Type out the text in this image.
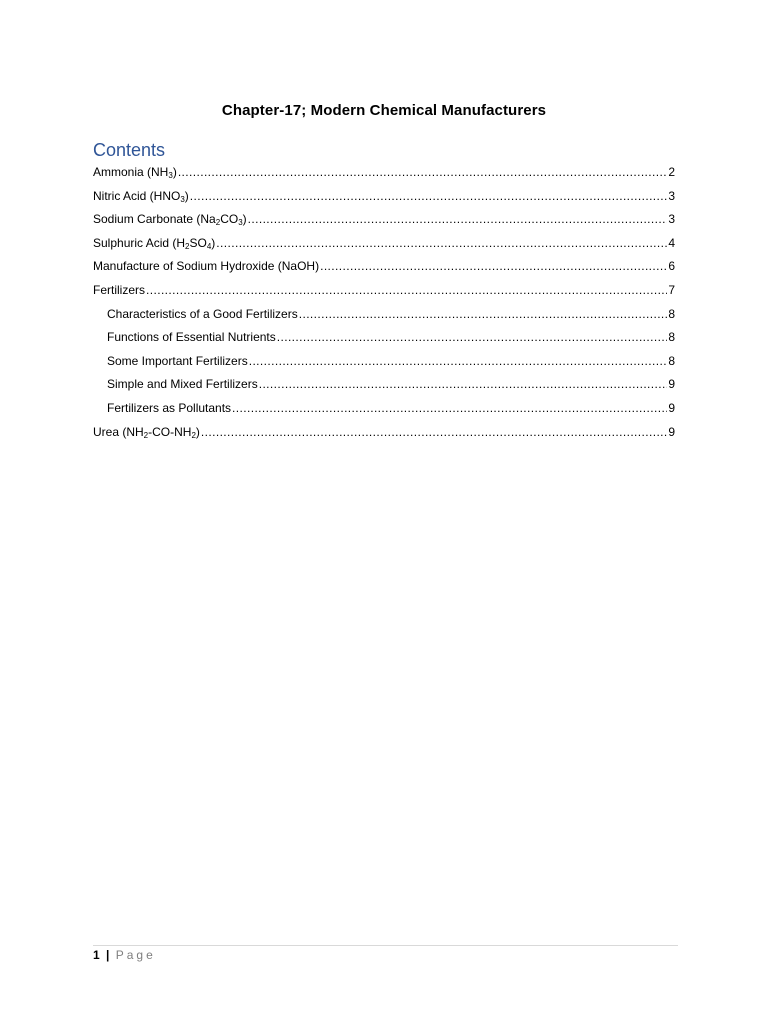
Chapter-17; Modern Chemical Manufacturers
Contents
Ammonia $(NH_3)$ .....	2
Nitric Acid $(HNO_3)$ .....	3
Sodium Carbonate $(Na_2CO_3)$ .....	3
Sulphuric Acid $(H_2SO_4)$ .....	4
Manufacture of Sodium Hydroxide (NaOH) .....	6
Fertilizers .....	7
Characteristics of a Good Fertilizers .....	8
Functions of Essential Nutrients .....	8
Some Important Fertilizers .....	8
Simple and Mixed Fertilizers .....	9
Fertilizers as Pollutants .....	9
Urea $(NH_2-CO-NH_2)$ .....	9
1 | Page
